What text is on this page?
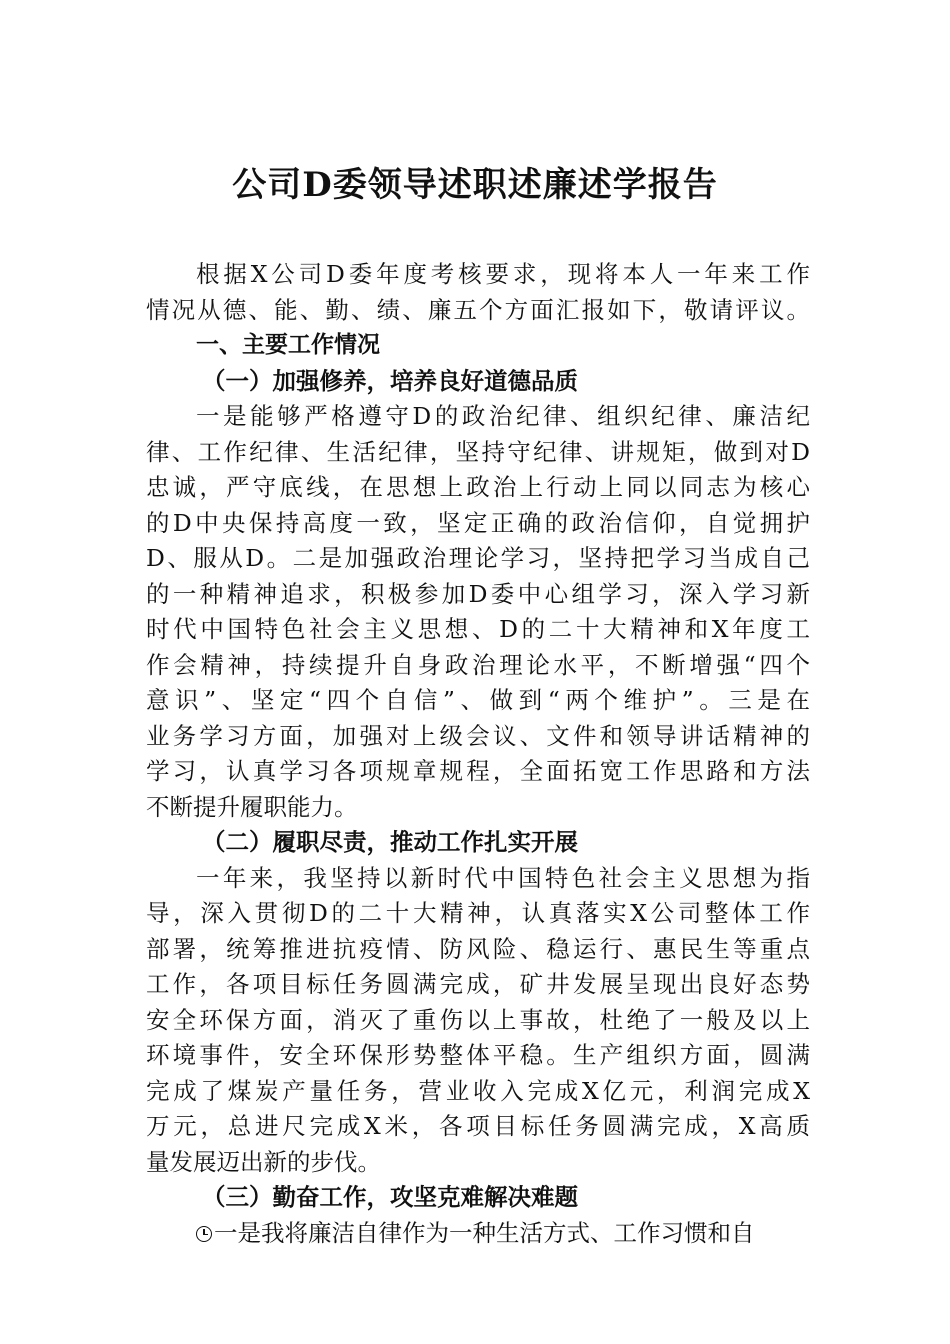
公司D委领导述职述廉述学报告
根据X公司D委年度考核要求，现将本人一年来工作
情况从德、能、勤、绩、廉五个方面汇报如下，敬请评议。
一、主要工作情况
（一）加强修养，培养良好道德品质
一是能够严格遵守D的政治纪律、组织纪律、廉洁纪
律、工作纪律、生活纪律，坚持守纪律、讲规矩，做到对D
忠诚，严守底线，在思想上政治上行动上同以同志为核心
的D中央保持高度一致，坚定正确的政治信仰，自觉拥护
D、服从D。二是加强政治理论学习，坚持把学习当成自己
的一种精神追求，积极参加D委中心组学习，深入学习新
时代中国特色社会主义思想、D的二十大精神和X年度工
作会精神，持续提升自身政治理论水平，不断增强“四个
意识”、坚定“四个自信”、做到“两个维护”。三是在
业务学习方面，加强对上级会议、文件和领导讲话精神的
学习，认真学习各项规章规程，全面拓宽工作思路和方法
不断提升履职能力。
（二）履职尽责，推动工作扎实开展
一年来，我坚持以新时代中国特色社会主义思想为指
导，深入贯彻D的二十大精神，认真落实X公司整体工作
部署，统筹推进抗疫情、防风险、稳运行、惠民生等重点
工作，各项目标任务圆满完成，矿井发展呈现出良好态势
安全环保方面，消灭了重伤以上事故，杜绝了一般及以上
环境事件，安全环保形势整体平稳。生产组织方面，圆满
完成了煤炭产量任务，营业收入完成X亿元，利润完成X
万元，总进尺完成X米，各项目标任务圆满完成，X高质
量发展迈出新的步伐。
（三）勤奋工作，攻坚克难解决难题
一是我将廉洁自律作为一种生活方式、工作习惯和自
